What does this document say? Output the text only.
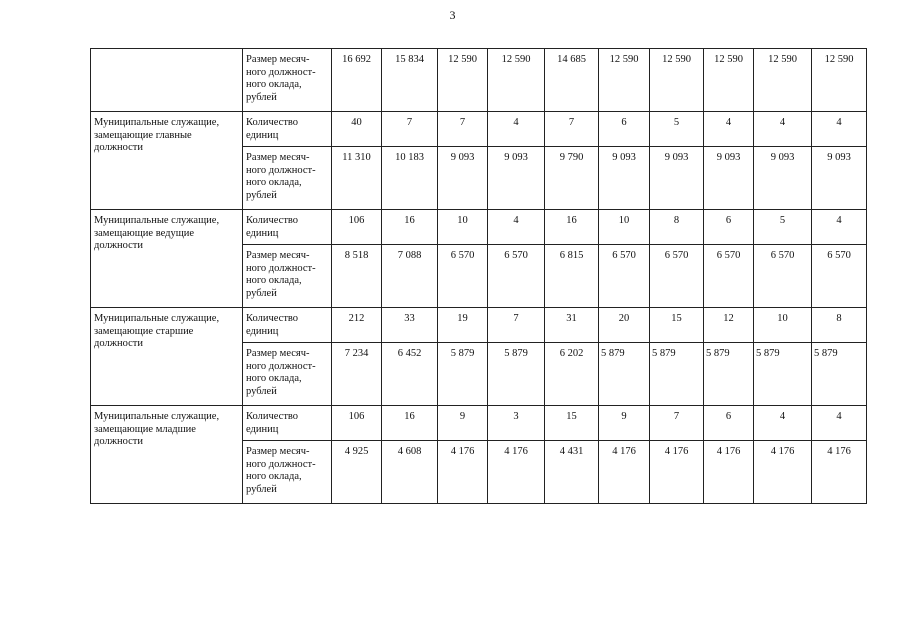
3
	Размер месяч-
ного должност-
ного оклада,
рублей	16 692	15 834	12 590	12 590	14 685	12 590	12 590	12 590	12 590	12 590
Муниципальные служащие,
замещающие главные
должности	Количество
единиц	40	7	7	4	7	6	5	4	4	4
	Размер месяч-
ного должност-
ного оклада,
рублей	11 310	10 183	9 093	9 093	9 790	9 093	9 093	9 093	9 093	9 093
Муниципальные служащие,
замещающие ведущие
должности	Количество
единиц	106	16	10	4	16	10	8	6	5	4
	Размер месяч-
ного должност-
ного оклада,
рублей	8 518	7 088	6 570	6 570	6 815	6 570	6 570	6 570	6 570	6 570
Муниципальные служащие,
замещающие старшие
должности	Количество
единиц	212	33	19	7	31	20	15	12	10	8
	Размер месяч-
ного должност-
ного оклада,
рублей	7 234	6 452	5 879	5 879	6 202	5 879	5 879	5 879	5 879	5 879
Муниципальные служащие,
замещающие младшие
должности	Количество
единиц	106	16	9	3	15	9	7	6	4	4
	Размер месяч-
ного должност-
ного оклада,
рублей	4 925	4 608	4 176	4 176	4 431	4 176	4 176	4 176	4 176	4 176
